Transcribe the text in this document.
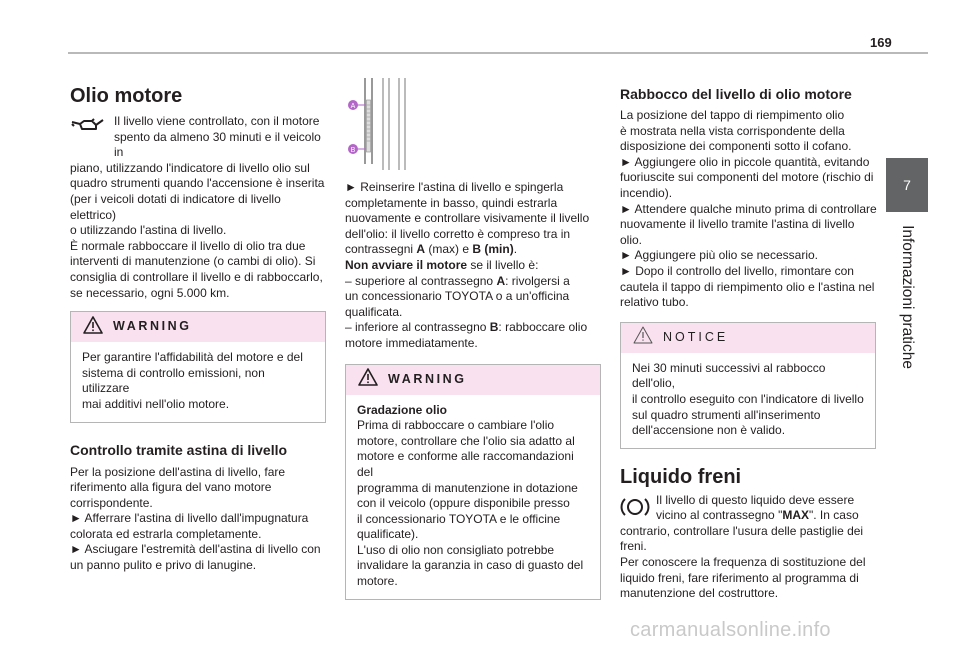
169
7
Informazioni pratiche
Olio motore
Il livello viene controllato, con il motore
spento da almeno 30 minuti e il veicolo in
piano, utilizzando l'indicatore di livello olio sul
quadro strumenti quando l'accensione è inserita
(per i veicoli dotati di indicatore di livello elettrico)
o utilizzando l'astina di livello.
È normale rabboccare il livello di olio tra due
interventi di manutenzione (o cambi di olio). Si
consiglia di controllare il livello e di rabboccarlo,
se necessario, ogni 5.000 km.
WARNING
Per garantire l'affidabilità del motore e del
sistema di controllo emissioni, non utilizzare
mai additivi nell'olio motore.
Controllo tramite astina di livello
Per la posizione dell'astina di livello, fare
riferimento alla figura del vano motore
corrispondente.
► Afferrare l'astina di livello dall'impugnatura
colorata ed estrarla completamente.
► Asciugare l'estremità dell'astina di livello con
un panno pulito e privo di lanugine.
A
B
► Reinserire l'astina di livello e spingerla
completamente in basso, quindi estrarla
nuovamente e controllare visivamente il livello
dell'olio: il livello corretto è compreso tra in
contrassegni A (max) e B (min).
Non avviare il motore se il livello è:
– superiore al contrassegno A: rivolgersi a
un concessionario TOYOTA o a un'officina
qualificata.
– inferiore al contrassegno B: rabboccare olio
motore immediatamente.
WARNING
Gradazione olio
Prima di rabboccare o cambiare l'olio
motore, controllare che l'olio sia adatto al
motore e conforme alle raccomandazioni del
programma di manutenzione in dotazione
con il veicolo (oppure disponibile presso
il concessionario TOYOTA e le officine
qualificate).
L'uso di olio non consigliato potrebbe
invalidare la garanzia in caso di guasto del
motore.
Rabbocco del livello di olio motore
La posizione del tappo di riempimento olio
è mostrata nella vista corrispondente della
disposizione dei componenti sotto il cofano.
► Aggiungere olio in piccole quantità, evitando
fuoriuscite sui componenti del motore (rischio di
incendio).
► Attendere qualche minuto prima di controllare
nuovamente il livello tramite l'astina di livello olio.
► Aggiungere più olio se necessario.
► Dopo il controllo del livello, rimontare con
cautela il tappo di riempimento olio e l'astina nel
relativo tubo.
NOTICE
Nei 30 minuti successivi al rabbocco dell'olio,
il controllo eseguito con l'indicatore di livello
sul quadro strumenti all'inserimento
dell'accensione non è valido.
Liquido freni
Il livello di questo liquido deve essere
vicino al contrassegno "MAX". In caso
contrario, controllare l'usura delle pastiglie dei
freni.
Per conoscere la frequenza di sostituzione del
liquido freni, fare riferimento al programma di
manutenzione del costruttore.
carmanualsonline.info
